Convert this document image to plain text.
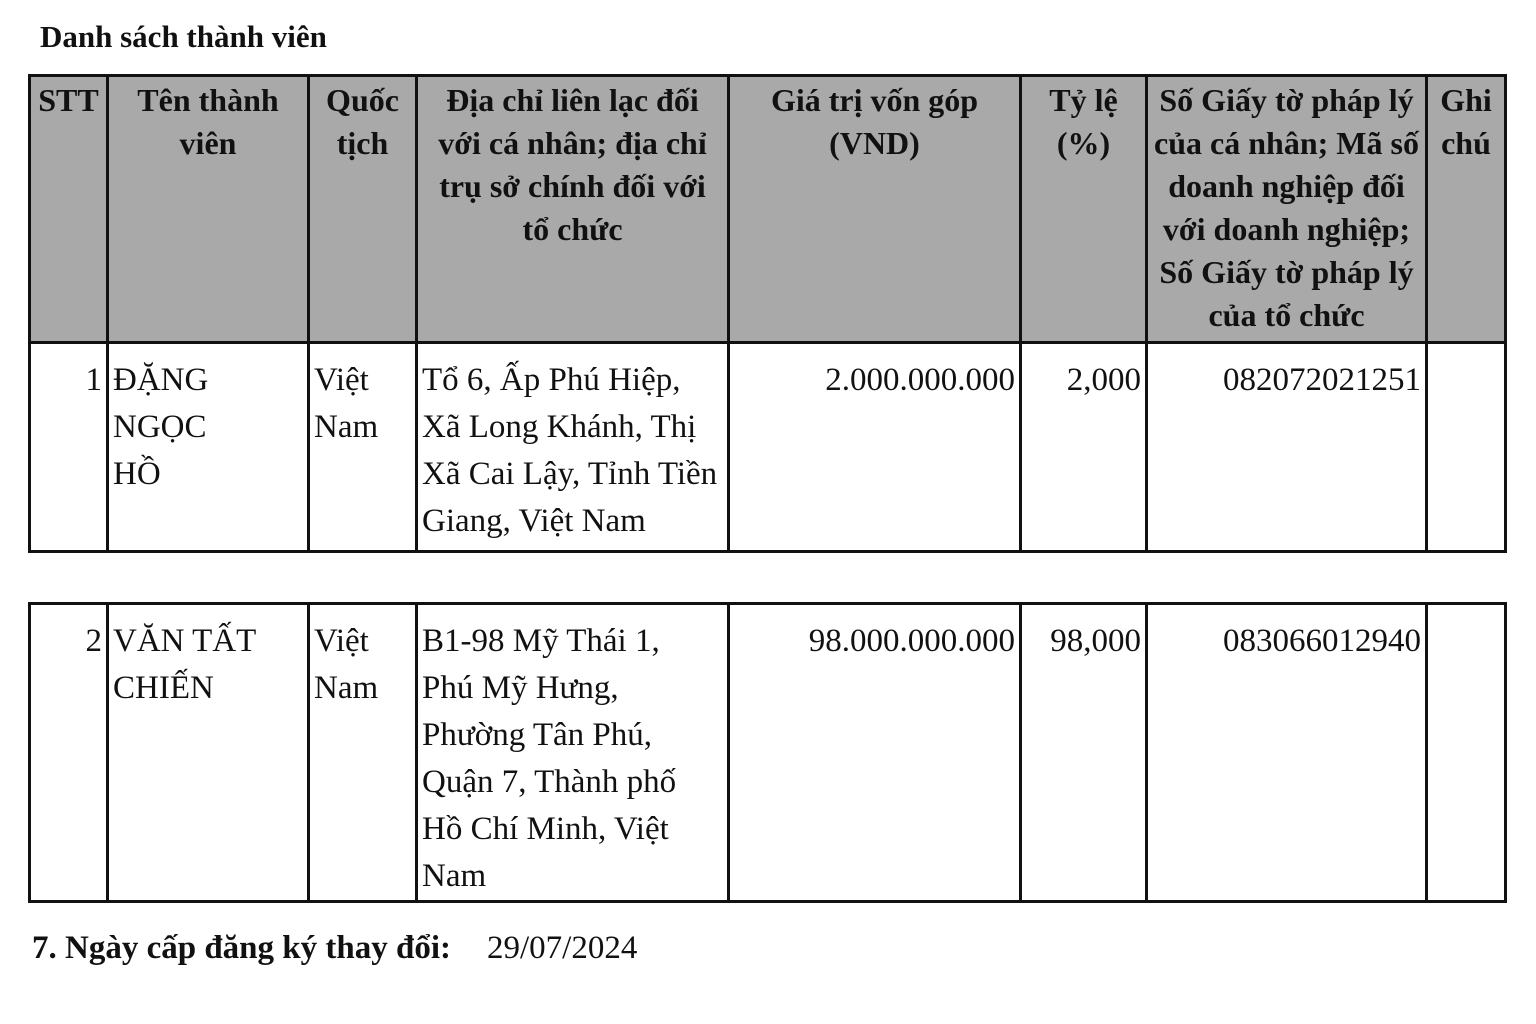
Danh sách thành viên
STT	Tên thành viên	Quốc tịch	Địa chỉ liên lạc đối với cá nhân; địa chỉ trụ sở chính đối với tổ chức	Giá trị vốn góp (VND)	Tỷ lệ (%)	Số Giấy tờ pháp lý của cá nhân; Mã số doanh nghiệp đối với doanh nghiệp; Số Giấy tờ pháp lý của tổ chức	Ghi chú
1	ĐẶNG NGỌC HỒ	Việt Nam	Tổ 6, Ấp Phú Hiệp, Xã Long Khánh, Thị Xã Cai Lậy, Tỉnh Tiền Giang, Việt Nam	2.000.000.000	2,000	082072021251	
2	VĂN TẤT CHIẾN	Việt Nam	B1-98 Mỹ Thái 1, Phú Mỹ Hưng, Phường Tân Phú, Quận 7, Thành phố Hồ Chí Minh, Việt Nam	98.000.000.000	98,000	083066012940	
7. Ngày cấp đăng ký thay đổi: 29/07/2024
